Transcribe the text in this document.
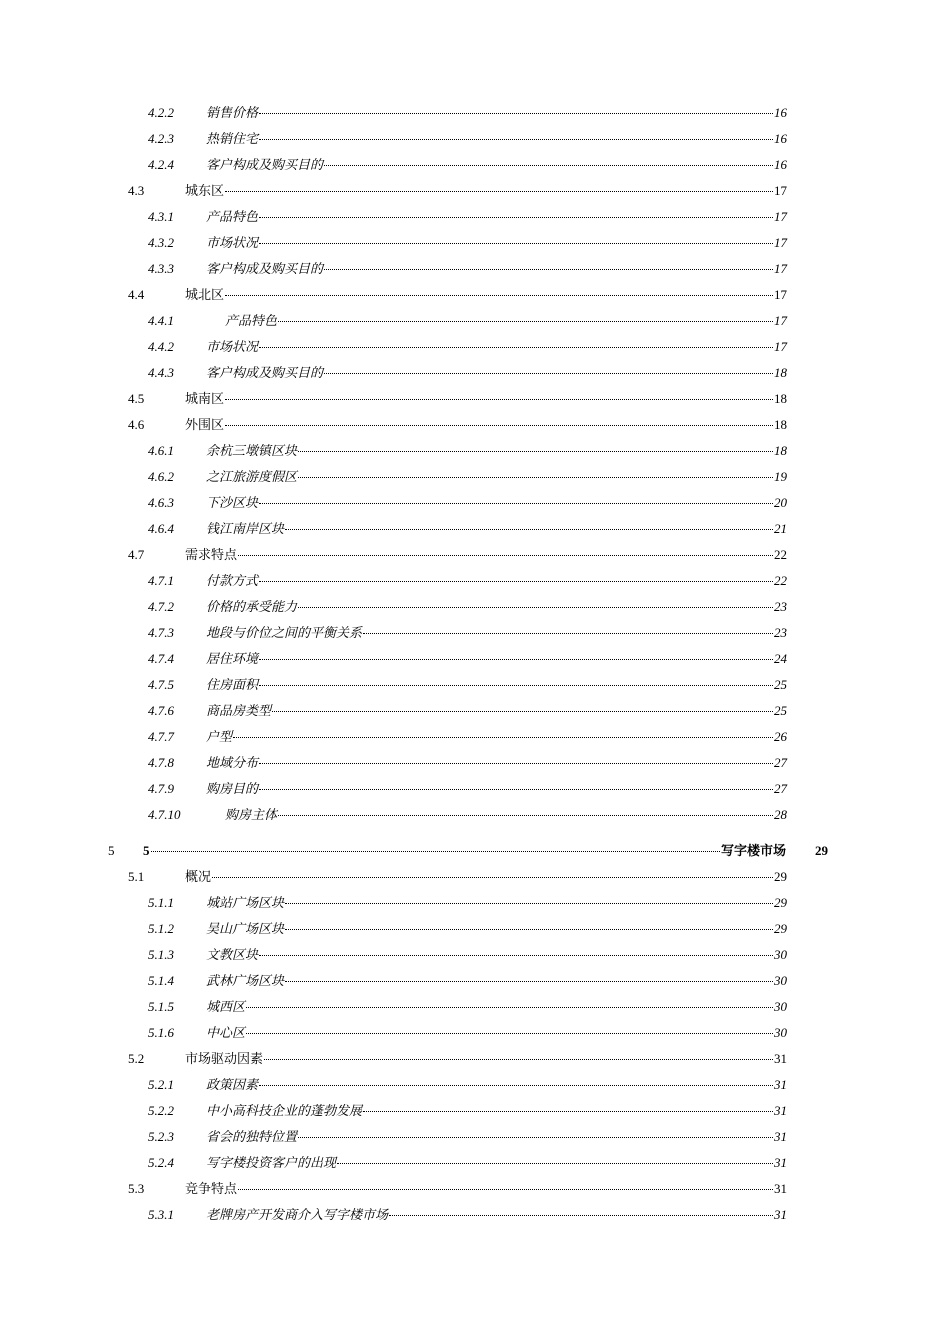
4.2.2	销售价格	16
4.2.3	热销住宅	16
4.2.4	客户构成及购买目的	16
4.3	城东区	17
4.3.1	产品特色	17
4.3.2	市场状况	17
4.3.3	客户构成及购买目的	17
4.4	城北区	17
4.4.1	产品特色	17
4.4.2	市场状况	17
4.4.3	客户构成及购买目的	18
4.5	城南区	18
4.6	外围区	18
4.6.1	余杭三墩镇区块	18
4.6.2	之江旅游度假区	19
4.6.3	下沙区块	20
4.6.4	钱江南岸区块	21
4.7	需求特点	22
4.7.1	付款方式	22
4.7.2	价格的承受能力	23
4.7.3	地段与价位之间的平衡关系	23
4.7.4	居住环境	24
4.7.5	住房面积	25
4.7.6	商品房类型	25
4.7.7	户型	26
4.7.8	地域分布	27
4.7.9	购房目的	27
4.7.10	购房主体	28
5	5	写字楼市场	29
5.1	概况	29
5.1.1	城站广场区块	29
5.1.2	吴山广场区块	29
5.1.3	文教区块	30
5.1.4	武林广场区块	30
5.1.5	城西区	30
5.1.6	中心区	30
5.2	市场驱动因素	31
5.2.1	政策因素	31
5.2.2	中小高科技企业的蓬勃发展	31
5.2.3	省会的独特位置	31
5.2.4	写字楼投资客户的出现	31
5.3	竞争特点	31
5.3.1	老牌房产开发商介入写字楼市场	31
